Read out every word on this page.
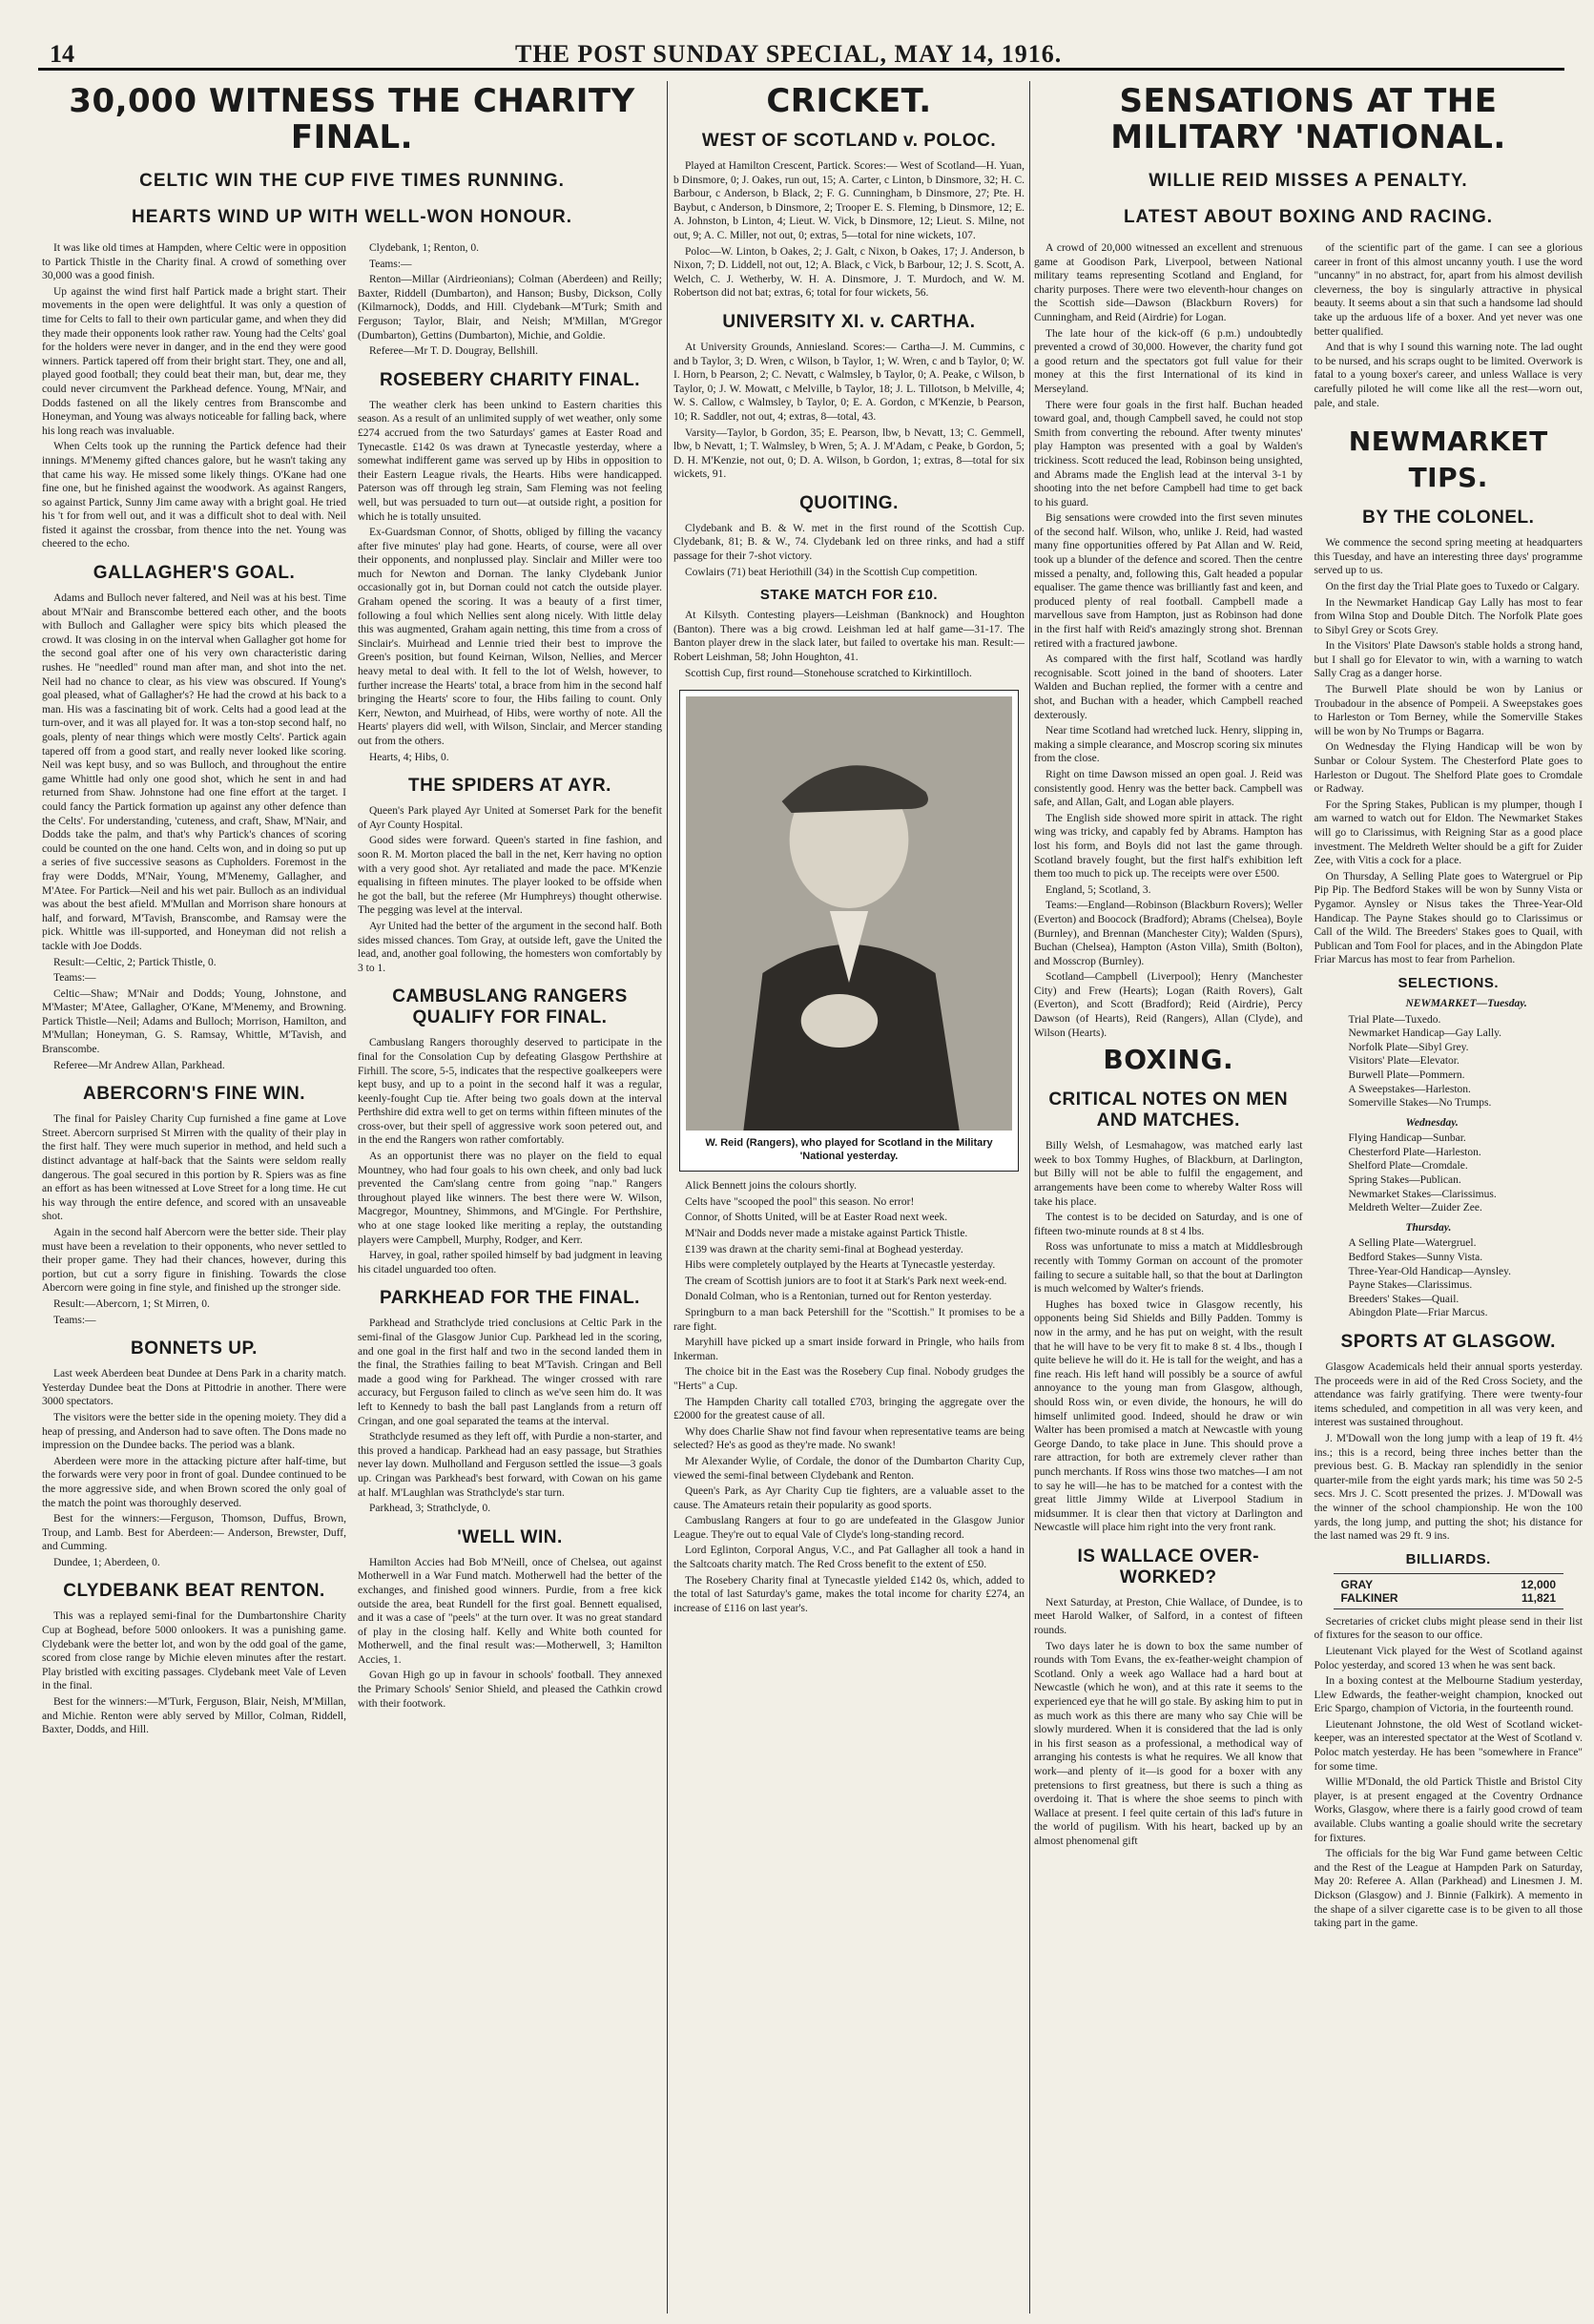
14	THE POST SUNDAY SPECIAL, MAY 14, 1916.
30,000 WITNESS THE CHARITY FINAL.
CELTIC WIN THE CUP FIVE TIMES RUNNING.
HEARTS WIND UP WITH WELL-WON HONOUR.

It was like old times at Hampden, where Celtic were in opposition to Partick Thistle in the Charity final. A crowd of something over 30,000 was a good finish.

Up against the wind first half Partick made a bright start. Their movements in the open were delightful. It was only a question of time for Celts to fall to their own particular game, and when they did they made their opponents look rather raw. Young had the Celts' goal for the holders were never in danger, and in the end they were good winners. Partick tapered off from their bright start. They, one and all, played good football; they could beat their man, but, dear me, they could never circumvent the Parkhead defence. Young, M'Nair, and Dodds fastened on all the likely centres from Branscombe and Honeyman, and Young was always noticeable for falling back, where his long reach was invaluable.

When Celts took up the running the Partick defence had their innings. M'Menemy gifted chances galore, but he wasn't taking any that came his way. He missed some likely things. O'Kane had one fine one, but he finished against the woodwork. As against Rangers, so against Partick, Sunny Jim came away with a bright goal. He tried his 't for from well out, and it was a difficult shot to deal with. Neil fisted it against the crossbar, from thence into the net. Young was cheered to the echo.

GALLAGHER'S GOAL.

Adams and Bulloch never faltered, and Neil was at his best. Time about M'Nair and Branscombe bettered each other, and the boots with Bulloch and Gallagher were spicy bits which pleased the crowd. It was closing in on the interval when Gallagher got home for the second goal after one of his very own characteristic daring rushes. He "needled" round man after man, and shot into the net. Neil had no chance to clear, as his view was obscured. If Young's goal pleased, what of Gallagher's? He had the crowd at his back to a man. His was a fascinating bit of work. Celts had a good lead at the turn-over, and it was all played for. It was a ton-stop second half, no goals, plenty of near things which were mostly Celts'. Partick again tapered off from a good start, and really never looked like scoring. Neil was kept busy, and so was Bulloch, and throughout the entire game Whittle had only one good shot, which he sent in and had returned from Shaw. Johnstone had one fine effort at the target. I could fancy the Partick formation up against any other defence than the Celts'. For understanding, 'cuteness, and craft, Shaw, M'Nair, and Dodds take the palm, and that's why Partick's chances of scoring could be counted on the one hand. Celts won, and in doing so put up a series of five successive seasons as Cupholders. Foremost in the fray were Dodds, M'Nair, Young, M'Menemy, Gallagher, and M'Atee. For Partick—Neil and his wet pair. Bulloch as an individual was about the best afield. M'Mullan and Morrison share honours at half, and forward, M'Tavish, Branscombe, and Ramsay were the pick. Whittle was ill-supported, and Honeyman did not relish a tackle with Joe Dodds.

Result:—Celtic, 2; Partick Thistle, 0.

Teams:—

Celtic—Shaw; M'Nair and Dodds; Young, Johnstone, and M'Master; M'Atee, Gallagher, O'Kane, M'Menemy, and Browning. Partick Thistle—Neil; Adams and Bulloch; Morrison, Hamilton, and M'Mullan; Honeyman, G. S. Ramsay, Whittle, M'Tavish, and Branscombe.

Referee—Mr Andrew Allan, Parkhead.

ABERCORN'S FINE WIN.

The final for Paisley Charity Cup furnished a fine game at Love Street. Abercorn surprised St Mirren with the quality of their play in the first half. They were much superior in method, and held such a distinct advantage at half-back that the Saints were seldom really dangerous. The goal secured in this portion by R. Spiers was as fine an effort as has been witnessed at Love Street for a long time. He cut his way through the entire defence, and scored with an unsaveable shot.

Again in the second half Abercorn were the better side. Their play must have been a revelation to their opponents, who never settled to their proper game. They had their chances, however, during this portion, but cut a sorry figure in finishing. Towards the close Abercorn were going in fine style, and finished up the stronger side.

Result:—Abercorn, 1; St Mirren, 0.

Teams:—

BONNETS UP.

Last week Aberdeen beat Dundee at Dens Park in a charity match. Yesterday Dundee beat the Dons at Pittodrie in another. There were 3000 spectators.

The visitors were the better side in the opening moiety. They did a heap of pressing, and Anderson had to save often. The Dons made no impression on the Dundee backs. The period was a blank.

Aberdeen were more in the attacking picture after half-time, but the forwards were very poor in front of goal. Dundee continued to be the more aggressive side, and when Brown scored the only goal of the match the point was thoroughly deserved.

Best for the winners:—Ferguson, Thomson, Duffus, Brown, Troup, and Lamb. Best for Aberdeen:— Anderson, Brewster, Duff, and Cumming.

Dundee, 1; Aberdeen, 0.

CLYDEBANK BEAT RENTON.

This was a replayed semi-final for the Dumbartonshire Charity Cup at Boghead, before 5000 onlookers. It was a punishing game. Clydebank were the better lot, and won by the odd goal of the game, scored from close range by Michie eleven minutes after the restart. Play bristled with exciting passages. Clydebank meet Vale of Leven in the final.

Best for the winners:—M'Turk, Ferguson, Blair, Neish, M'Millan, and Michie. Renton were ably served by Millor, Colman, Riddell, Baxter, Dodds, and Hill.

Clydebank, 1; Renton, 0.

Teams:—

Renton—Millar (Airdrieonians); Colman (Aberdeen) and Reilly; Baxter, Riddell (Dumbarton), and Hanson; Busby, Dickson, Colly (Kilmarnock), Dodds, and Hill. Clydebank—M'Turk; Smith and Ferguson; Taylor, Blair, and Neish; M'Millan, M'Gregor (Dumbarton), Gettins (Dumbarton), Michie, and Goldie.

Referee—Mr T. D. Dougray, Bellshill.

ROSEBERY CHARITY FINAL.

The weather clerk has been unkind to Eastern charities this season. As a result of an unlimited supply of wet weather, only some £274 accrued from the two Saturdays' games at Easter Road and Tynecastle. £142 0s was drawn at Tynecastle yesterday, where a somewhat indifferent game was served up by Hibs in opposition to their Eastern League rivals, the Hearts. Hibs were handicapped. Paterson was off through leg strain, Sam Fleming was not feeling well, but was persuaded to turn out—at outside right, a position for which he is totally unsuited.

Ex-Guardsman Connor, of Shotts, obliged by filling the vacancy after five minutes' play had gone. Hearts, of course, were all over their opponents, and nonplussed play. Sinclair and Miller were too much for Newton and Dornan. The lanky Clydebank Junior occasionally got in, but Dornan could not catch the outside player. Graham opened the scoring. It was a beauty of a first timer, following a foul which Nellies sent along nicely. With little delay this was augmented, Graham again netting, this time from a cross of Sinclair's. Muirhead and Lennie tried their best to improve the Green's position, but found Keirnan, Wilson, Nellies, and Mercer heavy metal to deal with. It fell to the lot of Welsh, however, to further increase the Hearts' total, a brace from him in the second half bringing the Hearts' score to four, the Hibs failing to count. Only Kerr, Newton, and Muirhead, of Hibs, were worthy of note. All the Hearts' players did well, with Wilson, Sinclair, and Mercer standing out from the others.

Hearts, 4; Hibs, 0.

THE SPIDERS AT AYR.

Queen's Park played Ayr United at Somerset Park for the benefit of Ayr County Hospital.

Good sides were forward. Queen's started in fine fashion, and soon R. M. Morton placed the ball in the net, Kerr having no option with a very good shot. Ayr retaliated and made the pace. M'Kenzie equalising in fifteen minutes. The player looked to be offside when he got the ball, but the referee (Mr Humphreys) thought otherwise. The pegging was level at the interval.

Ayr United had the better of the argument in the second half. Both sides missed chances. Tom Gray, at outside left, gave the United the lead, and, another goal following, the homesters won comfortably by 3 to 1.

CAMBUSLANG RANGERS QUALIFY FOR FINAL.

Cambuslang Rangers thoroughly deserved to participate in the final for the Consolation Cup by defeating Glasgow Perthshire at Firhill. The score, 5-5, indicates that the respective goalkeepers were kept busy, and up to a point in the second half it was a regular, keenly-fought Cup tie. After being two goals down at the interval Perthshire did extra well to get on terms within fifteen minutes of the cross-over, but their spell of aggressive work soon petered out, and in the end the Rangers won rather comfortably.

As an opportunist there was no player on the field to equal Mountney, who had four goals to his own cheek, and only bad luck prevented the Cam'slang centre from going "nap." Rangers throughout played like winners. The best there were W. Wilson, Macgregor, Mountney, Shimmons, and M'Gingle. For Perthshire, who at one stage looked like meriting a replay, the outstanding players were Campbell, Murphy, Rodger, and Kerr.

Harvey, in goal, rather spoiled himself by bad judgment in leaving his citadel unguarded too often.

PARKHEAD FOR THE FINAL.

Parkhead and Strathclyde tried conclusions at Celtic Park in the semi-final of the Glasgow Junior Cup. Parkhead led in the scoring, and one goal in the first half and two in the second landed them in the final, the Strathies failing to beat M'Tavish. Cringan and Bell made a good wing for Parkhead. The winger crossed with rare accuracy, but Ferguson failed to clinch as we've seen him do. It was left to Kennedy to bash the ball past Langlands from a return off Cringan, and one goal separated the teams at the interval.

Strathclyde resumed as they left off, with Purdie a non-starter, and this proved a handicap. Parkhead had an easy passage, but Strathies never lay down. Mulholland and Ferguson settled the issue—3 goals up. Cringan was Parkhead's best forward, with Cowan on his game at half. M'Laughlan was Strathclyde's star turn.

Parkhead, 3; Strathclyde, 0.

'WELL WIN.

Hamilton Accies had Bob M'Neill, once of Chelsea, out against Motherwell in a War Fund match. Motherwell had the better of the exchanges, and finished good winners. Purdie, from a free kick outside the area, beat Rundell for the first goal. Bennett equalised, and it was a case of "peels" at the turn over. It was no great standard of play in the closing half. Kelly and White both counted for Motherwell, and the final result was:—Motherwell, 3; Hamilton Accies, 1.

Govan High go up in favour in schools' football. They annexed the Primary Schools' Senior Shield, and pleased the Cathkin crowd with their footwork.

CRICKET.
WEST OF SCOTLAND v. POLOC.

Played at Hamilton Crescent, Partick. Scores:— West of Scotland—H. Yuan, b Dinsmore, 0; J. Oakes, run out, 15; A. Carter, c Linton, b Dinsmore, 32; H. C. Barbour, c Anderson, b Black, 2; F. G. Cunningham, b Dinsmore, 27; Pte. H. Baybut, c Anderson, b Dinsmore, 2; Trooper E. S. Fleming, b Dinsmore, 12; E. A. Johnston, b Linton, 4; Lieut. W. Vick, b Dinsmore, 12; Lieut. S. Milne, not out, 9; A. C. Miller, not out, 0; extras, 5—total for nine wickets, 107.

Poloc—W. Linton, b Oakes, 2; J. Galt, c Nixon, b Oakes, 17; J. Anderson, b Nixon, 7; D. Liddell, not out, 12; A. Black, c Vick, b Barbour, 12; J. S. Scott, A. Welch, C. J. Wetherby, W. H. A. Dinsmore, J. T. Murdoch, and W. M. Robertson did not bat; extras, 6; total for four wickets, 56.

UNIVERSITY XI. v. CARTHA.

At University Grounds, Anniesland. Scores:— Cartha—J. M. Cummins, c and b Taylor, 3; D. Wren, c Wilson, b Taylor, 1; W. Wren, c and b Taylor, 0; W. I. Horn, b Pearson, 2; C. Nevatt, c Walmsley, b Taylor, 0; A. Peake, c Wilson, b Taylor, 0; J. W. Mowatt, c Melville, b Taylor, 18; J. L. Tillotson, b Melville, 4; W. S. Callow, c Walmsley, b Taylor, 0; E. A. Gordon, c M'Kenzie, b Pearson, 10; R. Saddler, not out, 4; extras, 8—total, 43.

Varsity—Taylor, b Gordon, 35; E. Pearson, lbw, b Nevatt, 13; C. Gemmell, lbw, b Nevatt, 1; T. Walmsley, b Wren, 5; A. J. M'Adam, c Peake, b Gordon, 5; D. H. M'Kenzie, not out, 0; D. A. Wilson, b Gordon, 1; extras, 8—total for six wickets, 91.

QUOITING.

Clydebank and B. & W. met in the first round of the Scottish Cup. Clydebank, 81; B. & W., 74. Clydebank led on three rinks, and had a stiff passage for their 7-shot victory.

Cowlairs (71) beat Heriothill (34) in the Scottish Cup competition.

STAKE MATCH FOR £10.

At Kilsyth. Contesting players—Leishman (Banknock) and Houghton (Banton). There was a big crowd. Leishman led at half game—31-17. The Banton player drew in the slack later, but failed to overtake his man. Result:—Robert Leishman, 58; John Houghton, 41.

Scottish Cup, first round—Stonehouse scratched to Kirkintilloch.

W. Reid (Rangers), who played for Scotland in the Military 'National yesterday.

Alick Bennett joins the colours shortly.

Celts have "scooped the pool" this season. No error!

Connor, of Shotts United, will be at Easter Road next week.

M'Nair and Dodds never made a mistake against Partick Thistle.

£139 was drawn at the charity semi-final at Boghead yesterday.

Hibs were completely outplayed by the Hearts at Tynecastle yesterday.

The cream of Scottish juniors are to foot it at Stark's Park next week-end.

Donald Colman, who is a Rentonian, turned out for Renton yesterday.

Springburn to a man back Petershill for the "Scottish." It promises to be a rare fight.

Maryhill have picked up a smart inside forward in Pringle, who hails from Inkerman.

The choice bit in the East was the Rosebery Cup final. Nobody grudges the "Herts" a Cup.

The Hampden Charity call totalled £703, bringing the aggregate over the £2000 for the greatest cause of all.

Why does Charlie Shaw not find favour when representative teams are being selected? He's as good as they're made. No swank!

Mr Alexander Wylie, of Cordale, the donor of the Dumbarton Charity Cup, viewed the semi-final between Clydebank and Renton.

Queen's Park, as Ayr Charity Cup tie fighters, are a valuable asset to the cause. The Amateurs retain their popularity as good sports.

Cambuslang Rangers at four to go are undefeated in the Glasgow Junior League. They're out to equal Vale of Clyde's long-standing record.

Lord Eglinton, Corporal Angus, V.C., and Pat Gallagher all took a hand in the Saltcoats charity match. The Red Cross benefit to the extent of £50.

The Rosebery Charity final at Tynecastle yielded £142 0s, which, added to the total of last Saturday's game, makes the total income for charity £274, an increase of £116 on last year's.

SENSATIONS AT THE MILITARY 'NATIONAL.
WILLIE REID MISSES A PENALTY.
LATEST ABOUT BOXING AND RACING.

A crowd of 20,000 witnessed an excellent and strenuous game at Goodison Park, Liverpool, between National military teams representing Scotland and England, for charity purposes. There were two eleventh-hour changes on the Scottish side—Dawson (Blackburn Rovers) for Cunningham, and Reid (Airdrie) for Logan.

The late hour of the kick-off (6 p.m.) undoubtedly prevented a crowd of 30,000. However, the charity fund got a good return and the spectators got full value for their money at this the first International of its kind in Merseyland.

There were four goals in the first half. Buchan headed toward goal, and, though Campbell saved, he could not stop Smith from converting the rebound. After twenty minutes' play Hampton was presented with a goal by Walden's trickiness. Scott reduced the lead, Robinson being unsighted, and Abrams made the English lead at the interval 3-1 by shooting into the net before Campbell had time to get back to his guard.

Big sensations were crowded into the first seven minutes of the second half. Wilson, who, unlike J. Reid, had wasted many fine opportunities offered by Pat Allan and W. Reid, took up a blunder of the defence and scored. Then the centre missed a penalty, and, following this, Galt headed a popular equaliser. The game thence was brilliantly fast and keen, and produced plenty of real football. Campbell made a marvellous save from Hampton, just as Robinson had done in the first half with Reid's amazingly strong shot. Brennan retired with a fractured jawbone.

As compared with the first half, Scotland was hardly recognisable. Scott joined in the band of shooters. Later Walden and Buchan replied, the former with a centre and shot, and Buchan with a header, which Campbell reached dexterously.

Near time Scotland had wretched luck. Henry, slipping in, making a simple clearance, and Moscrop scoring six minutes from the close.

Right on time Dawson missed an open goal. J. Reid was consistently good. Henry was the better back. Campbell was safe, and Allan, Galt, and Logan able players.

The English side showed more spirit in attack. The right wing was tricky, and capably fed by Abrams. Hampton has lost his form, and Boyls did not last the game through. Scotland bravely fought, but the first half's exhibition left them too much to pick up. The receipts were over £500.

England, 5; Scotland, 3.

Teams:—England—Robinson (Blackburn Rovers); Weller (Everton) and Boocock (Bradford); Abrams (Chelsea), Boyle (Burnley), and Brennan (Manchester City); Walden (Spurs), Buchan (Chelsea), Hampton (Aston Villa), Smith (Bolton), and Mosscrop (Burnley).

Scotland—Campbell (Liverpool); Henry (Manchester City) and Frew (Hearts); Logan (Raith Rovers), Galt (Everton), and Scott (Bradford); Reid (Airdrie), Percy Dawson (of Hearts), Reid (Rangers), Allan (Clyde), and Wilson (Hearts).

BOXING.
CRITICAL NOTES ON MEN AND MATCHES.

Billy Welsh, of Lesmahagow, was matched early last week to box Tommy Hughes, of Blackburn, at Darlington, but Billy will not be able to fulfil the engagement, and arrangements have been come to whereby Walter Ross will take his place.

The contest is to be decided on Saturday, and is one of fifteen two-minute rounds at 8 st 4 lbs.

Ross was unfortunate to miss a match at Middlesbrough recently with Tommy Gorman on account of the promoter failing to secure a suitable hall, so that the bout at Darlington is much welcomed by Walter's friends.

Hughes has boxed twice in Glasgow recently, his opponents being Sid Shields and Billy Padden. Tommy is now in the army, and he has put on weight, with the result that he will have to be very fit to make 8 st. 4 lbs., though I quite believe he will do it. He is tall for the weight, and has a fine reach. His left hand will possibly be a source of awful annoyance to the young man from Glasgow, although, should Ross win, or even divide, the honours, he will do himself unlimited good. Indeed, should he draw or win Walter has been promised a match at Newcastle with young George Dando, to take place in June. This should prove a rare attraction, for both are extremely clever rather than punch merchants. If Ross wins those two matches—I am not to say he will—he has to be matched for a contest with the great little Jimmy Wilde at Liverpool Stadium in midsummer. It is clear then that victory at Darlington and Newcastle will place him right into the very front rank.

IS WALLACE OVER-WORKED?

Next Saturday, at Preston, Chie Wallace, of Dundee, is to meet Harold Walker, of Salford, in a contest of fifteen rounds.

Two days later he is down to box the same number of rounds with Tom Evans, the ex-feather-weight champion of Scotland. Only a week ago Wallace had a hard bout at Newcastle (which he won), and at this rate it seems to the experienced eye that he will go stale. By asking him to put in as much work as this there are many who say Chie will be slowly murdered. When it is considered that the lad is only in his first season as a professional, a methodical way of arranging his contests is what he requires. We all know that work—and plenty of it—is good for a boxer with any pretensions to first greatness, but there is such a thing as overdoing it. That is where the shoe seems to pinch with Wallace at present. I feel quite certain of this lad's future in the world of pugilism. With his heart, backed up by an almost phenomenal gift

of the scientific part of the game. I can see a glorious career in front of this almost uncanny youth. I use the word "uncanny" in no abstract, for, apart from his almost devilish cleverness, the boy is singularly attractive in physical beauty. It seems about a sin that such a handsome lad should take up the arduous life of a boxer. And yet never was one better qualified.

And that is why I sound this warning note. The lad ought to be nursed, and his scraps ought to be limited. Overwork is fatal to a young boxer's career, and unless Wallace is very carefully piloted he will come like all the rest—worn out, pale, and stale.

NEWMARKET TIPS.
BY THE COLONEL.

We commence the second spring meeting at headquarters this Tuesday, and have an interesting three days' programme served up to us.

On the first day the Trial Plate goes to Tuxedo or Calgary.

In the Newmarket Handicap Gay Lally has most to fear from Wilna Stop and Double Ditch. The Norfolk Plate goes to Sibyl Grey or Scots Grey.

In the Visitors' Plate Dawson's stable holds a strong hand, but I shall go for Elevator to win, with a warning to watch Sally Crag as a danger horse.

The Burwell Plate should be won by Lanius or Troubadour in the absence of Pompeii. A Sweepstakes goes to Harleston or Tom Berney, while the Somerville Stakes will be won by No Trumps or Bagarra.

On Wednesday the Flying Handicap will be won by Sunbar or Colour System. The Chesterford Plate goes to Harleston or Dugout. The Shelford Plate goes to Cromdale or Radway.

For the Spring Stakes, Publican is my plumper, though I am warned to watch out for Eldon. The Newmarket Stakes will go to Clarissimus, with Reigning Star as a good place investment. The Meldreth Welter should be a gift for Zuider Zee, with Vitis a cock for a place.

On Thursday, A Selling Plate goes to Watergruel or Pip Pip Pip. The Bedford Stakes will be won by Sunny Vista or Pygamor. Aynsley or Nisus takes the Three-Year-Old Handicap. The Payne Stakes should go to Clarissimus or Call of the Wild. The Breeders' Stakes goes to Quail, with Publican and Tom Fool for places, and in the Abingdon Plate Friar Marcus has most to fear from Parhelion.

SELECTIONS.
NEWMARKET—Tuesday.
Trial Plate—Tuxedo.
Newmarket Handicap—Gay Lally.
Norfolk Plate—Sibyl Grey.
Visitors' Plate—Elevator.
Burwell Plate—Pommern.
A Sweepstakes—Harleston.
Somerville Stakes—No Trumps.
Wednesday.
Flying Handicap—Sunbar.
Chesterford Plate—Harleston.
Shelford Plate—Cromdale.
Spring Stakes—Publican.
Newmarket Stakes—Clarissimus.
Meldreth Welter—Zuider Zee.
Thursday.
A Selling Plate—Watergruel.
Bedford Stakes—Sunny Vista.
Three-Year-Old Handicap—Aynsley.
Payne Stakes—Clarissimus.
Breeders' Stakes—Quail.
Abingdon Plate—Friar Marcus.
SPORTS AT GLASGOW.

Glasgow Academicals held their annual sports yesterday. The proceeds were in aid of the Red Cross Society, and the attendance was fairly gratifying. There were twenty-four items scheduled, and competition in all was very keen, and interest was sustained throughout.

J. M'Dowall won the long jump with a leap of 19 ft. 4½ ins.; this is a record, being three inches better than the previous best. G. B. Mackay ran splendidly in the senior quarter-mile from the eight yards mark; his time was 50 2-5 secs. Mrs J. C. Scott presented the prizes. J. M'Dowall was the winner of the school championship. He won the 100 yards, the long jump, and putting the shot; his distance for the last named was 29 ft. 9 ins.

BILLIARDS.
GRAY	12,000
FALKINER	11,821

Secretaries of cricket clubs might please send in their list of fixtures for the season to our office.

Lieutenant Vick played for the West of Scotland against Poloc yesterday, and scored 13 when he was sent back.

In a boxing contest at the Melbourne Stadium yesterday, Llew Edwards, the feather-weight champion, knocked out Eric Spargo, champion of Victoria, in the fourteenth round.

Lieutenant Johnstone, the old West of Scotland wicket-keeper, was an interested spectator at the West of Scotland v. Poloc match yesterday. He has been "somewhere in France" for some time.

Willie M'Donald, the old Partick Thistle and Bristol City player, is at present engaged at the Coventry Ordnance Works, Glasgow, where there is a fairly good crowd of team available. Clubs wanting a goalie should write the secretary for fixtures.

The officials for the big War Fund game between Celtic and the Rest of the League at Hampden Park on Saturday, May 20: Referee A. Allan (Parkhead) and Linesmen J. M. Dickson (Glasgow) and J. Binnie (Falkirk). A memento in the shape of a silver cigarette case is to be given to all those taking part in the game.
